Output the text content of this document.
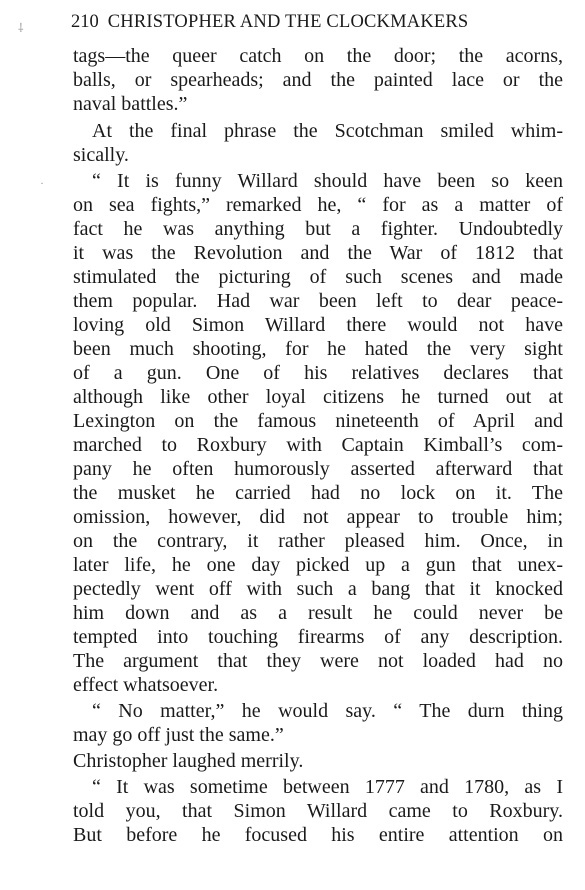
⸸
·
210 CHRISTOPHER AND THE CLOCKMAKERS
tags—the queer catch on the door; the acorns,
balls, or spearheads; and the painted lace or the
naval battles.”
At the final phrase the Scotchman smiled whim-
sically.
“ It is funny Willard should have been so keen
on sea fights,” remarked he, “ for as a matter of
fact he was anything but a fighter. Undoubtedly
it was the Revolution and the War of 1812 that
stimulated the picturing of such scenes and made
them popular. Had war been left to dear peace-
loving old Simon Willard there would not have
been much shooting, for he hated the very sight
of a gun. One of his relatives declares that
although like other loyal citizens he turned out at
Lexington on the famous nineteenth of April and
marched to Roxbury with Captain Kimball’s com-
pany he often humorously asserted afterward that
the musket he carried had no lock on it. The
omission, however, did not appear to trouble him;
on the contrary, it rather pleased him. Once, in
later life, he one day picked up a gun that unex-
pectedly went off with such a bang that it knocked
him down and as a result he could never be
tempted into touching firearms of any description.
The argument that they were not loaded had no
effect whatsoever.
“ No matter,” he would say. “ The durn thing
may go off just the same.”
Christopher laughed merrily.
“ It was sometime between 1777 and 1780, as I
told you, that Simon Willard came to Roxbury.
But before he focused his entire attention on
